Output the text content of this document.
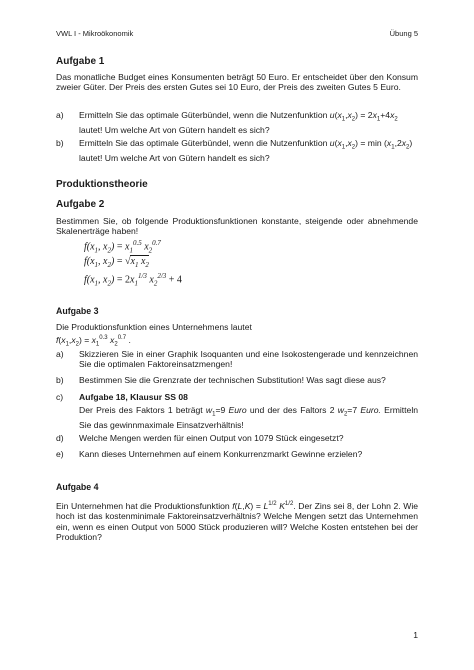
VWL I - Mikroökonomik	Übung 5
Aufgabe 1
Das monatliche Budget eines Konsumenten beträgt 50 Euro. Er entscheidet über den Konsum zweier Güter. Der Preis des ersten Gutes sei 10 Euro, der Preis des zweiten Gutes 5 Euro.
a) Ermitteln Sie das optimale Güterbündel, wenn die Nutzenfunktion $u(x_1,x_2) = 2x_1+4x_2$ lautet! Um welche Art von Gütern handelt es sich?
b) Ermitteln Sie das optimale Güterbündel, wenn die Nutzenfunktion $u(x_1,x_2) = \min (x_1,2x_2)$ lautet! Um welche Art von Gütern handelt es sich?
Produktionstheorie
Aufgabe 2
Bestimmen Sie, ob folgende Produktionsfunktionen konstante, steigende oder abnehmende Skalenerträge haben!
$f(x_1$, $x_2) = x_1^{0.5}$ $x_2^{0.7}$
$f(x_1$, $x_2) = √x_1$ $x_2$
$f(x_1$, $x_2) = 2x_1^{1/3}$ $x_2^{2/3} + 4$
Aufgabe 3
Die Produktionsfunktion eines Unternehmens lautet
$f(x_1,x_2) = x_1^{0.3}$ $x_2^{0.7}$ .
a) Skizzieren Sie in einer Graphik Isoquanten und eine Isokostengerade und kennzeichnen Sie die optimalen Faktoreinsatzmengen!
b) Bestimmen Sie die Grenzrate der technischen Substitution! Was sagt diese aus?
c) Aufgabe 18, Klausur SS 08
Der Preis des Faktors 1 beträgt $w_1=9$ Euro und der des Faltors 2 $w_2=7$ Euro. Ermitteln Sie das gewinnmaximale Einsatzverhältnis!
d) Welche Mengen werden für einen Output von 1079 Stück eingesetzt?
e) Kann dieses Unternehmen auf einem Konkurrenzmarkt Gewinne erzielen?
Aufgabe 4
Ein Unternehmen hat die Produktionsfunktion $f(L,K) = L^{1/2}$ $K^{1/2}$. Der Zins sei 8, der Lohn 2. Wie hoch ist das kostenminimale Faktoreinsatzverhältnis? Welche Mengen setzt das Unternehmen ein, wenn es einen Output von 5000 Stück produzieren will? Welche Kosten entstehen bei der Produktion?
1
